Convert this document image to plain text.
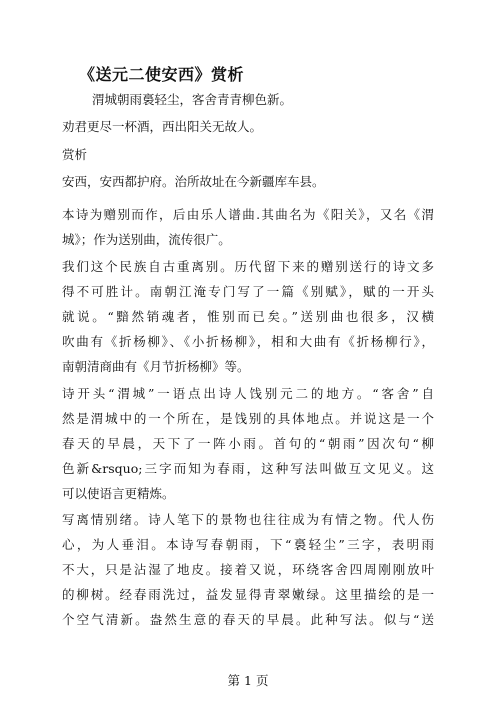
《送元二使安西》赏析
渭城朝雨裛轻尘，客舍青青柳色新。
劝君更尽一杯酒，西出阳关无故人。
赏析
安西，安西都护府。治所故址在今新疆库车县。
本诗为赠别而作，后由乐人谱曲.其曲名为《阳关》，又名《渭
城》；作为送别曲，流传很广。
我们这个民族自古重离别。历代留下来的赠别送行的诗文多
得不可胜计。南朝江淹专门写了一篇《别赋》，赋的一开头
就说。“黯然销魂者，惟别而已矣。”送别曲也很多，汉横
吹曲有《折杨柳》、《小折杨柳》，相和大曲有《折杨柳行》，
南朝清商曲有《月节折杨柳》等。
诗开头“渭城”一语点出诗人饯别元二的地方。“客舍”自
然是渭城中的一个所在，是饯别的具体地点。并说这是一个
春天的早晨，天下了一阵小雨。首句的“朝雨”因次句“柳
色新&rsquo;三字而知为春雨，这种写法叫做互文见义。这
可以使语言更精炼。
写离情别绪。诗人笔下的景物也往往成为有情之物。代人伤
心，为人垂泪。本诗写春朝雨，下“裛轻尘”三字，表明雨
不大，只是沾湿了地皮。接着又说，环绕客舍四周刚刚放叶
的柳树。经春雨洗过，益发显得青翠嫩绿。这里描绘的是一
个空气清新。盎然生意的春天的早晨。此种写法。似与“送
第 1 页
